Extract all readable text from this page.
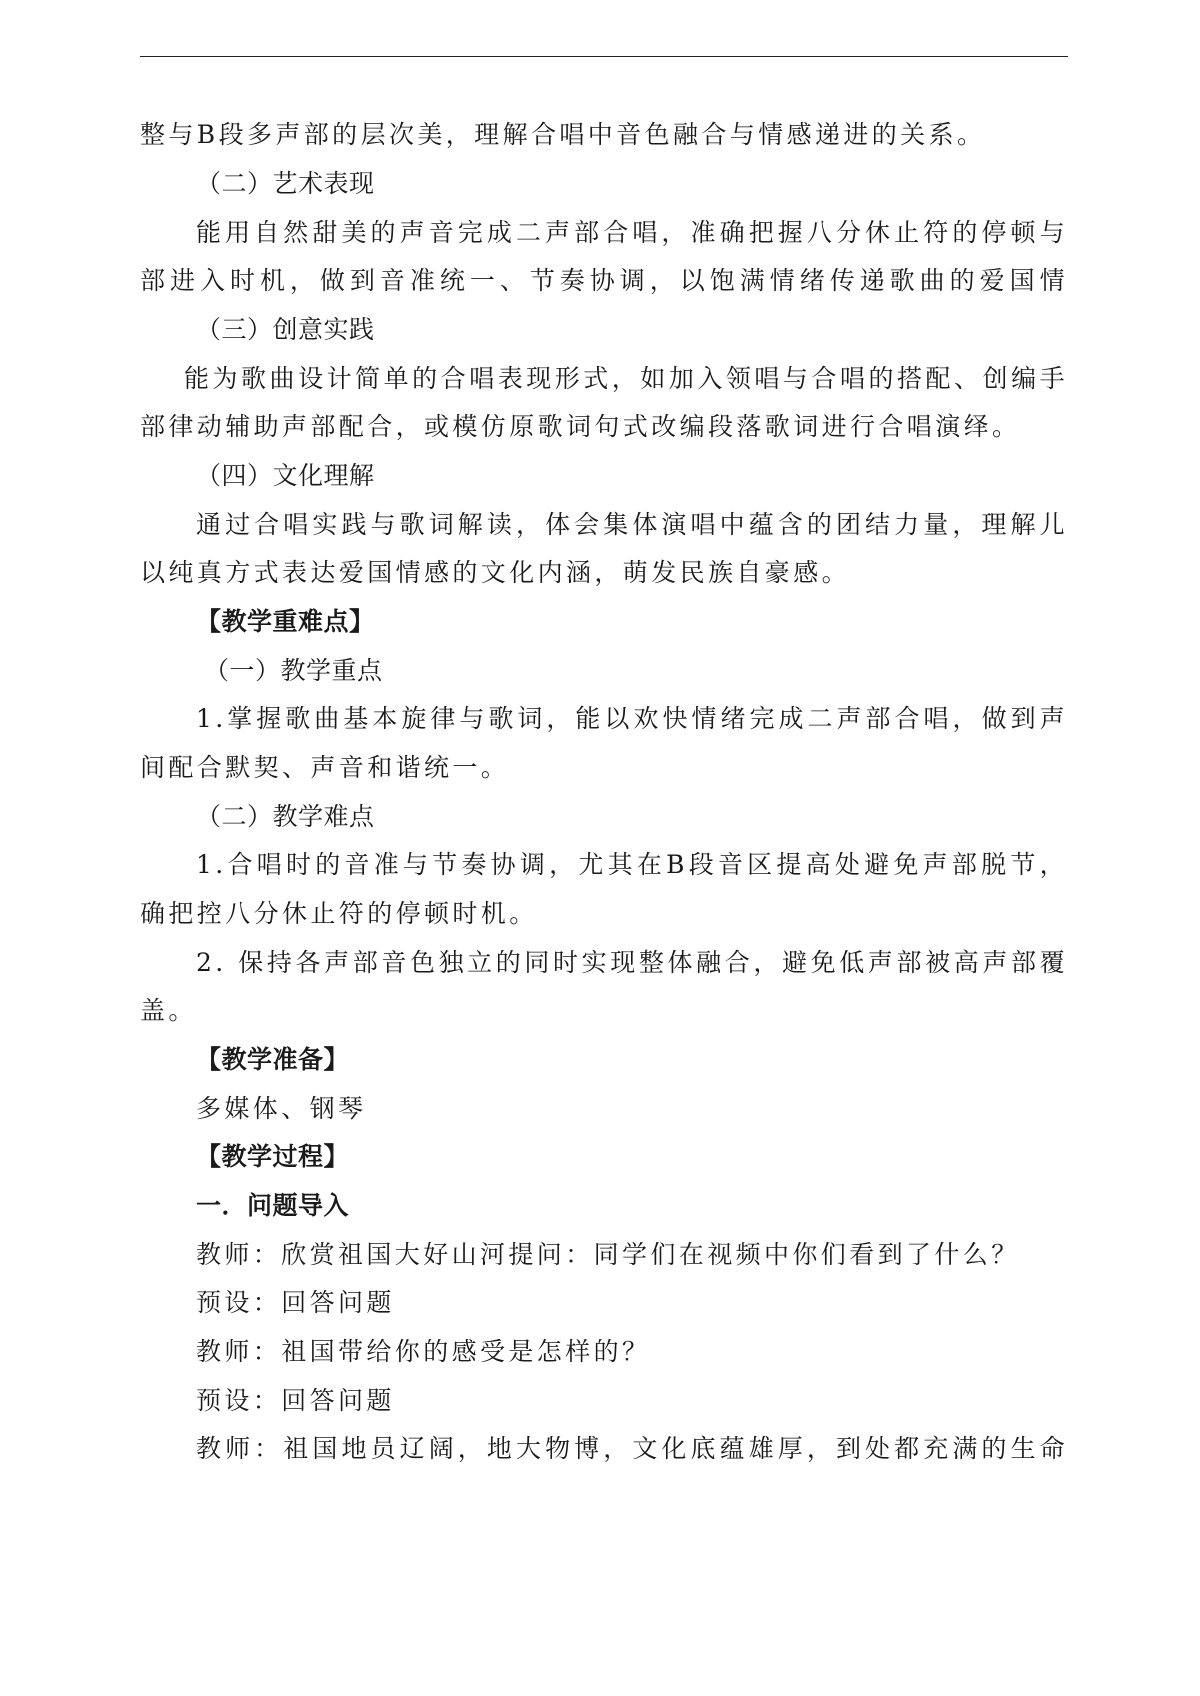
整与B段多声部的层次美，理解合唱中音色融合与情感递进的关系。
（二）艺术表现
能用自然甜美的声音完成二声部合唱，准确把握八分休止符的停顿与
部进入时机，做到音准统一、节奏协调，以饱满情绪传递歌曲的爱国情
（三）创意实践
能为歌曲设计简单的合唱表现形式，如加入领唱与合唱的搭配、创编手
部律动辅助声部配合，或模仿原歌词句式改编段落歌词进行合唱演绎。
（四）文化理解
通过合唱实践与歌词解读，体会集体演唱中蕴含的团结力量，理解儿
以纯真方式表达爱国情感的文化内涵，萌发民族自豪感。
【教学重难点】
（一）教学重点
1.掌握歌曲基本旋律与歌词，能以欢快情绪完成二声部合唱，做到声
间配合默契、声音和谐统一。
（二）教学难点
1.合唱时的音准与节奏协调，尤其在B段音区提高处避免声部脱节，
确把控八分休止符的停顿时机。
2. 保持各声部音色独立的同时实现整体融合，避免低声部被高声部覆
盖。
【教学准备】
多媒体、钢琴
【教学过程】
一．问题导入
教师：欣赏祖国大好山河提问：同学们在视频中你们看到了什么？
预设：回答问题
教师：祖国带给你的感受是怎样的？
预设：回答问题
教师：祖国地员辽阔，地大物博，文化底蕴雄厚，到处都充满的生命
